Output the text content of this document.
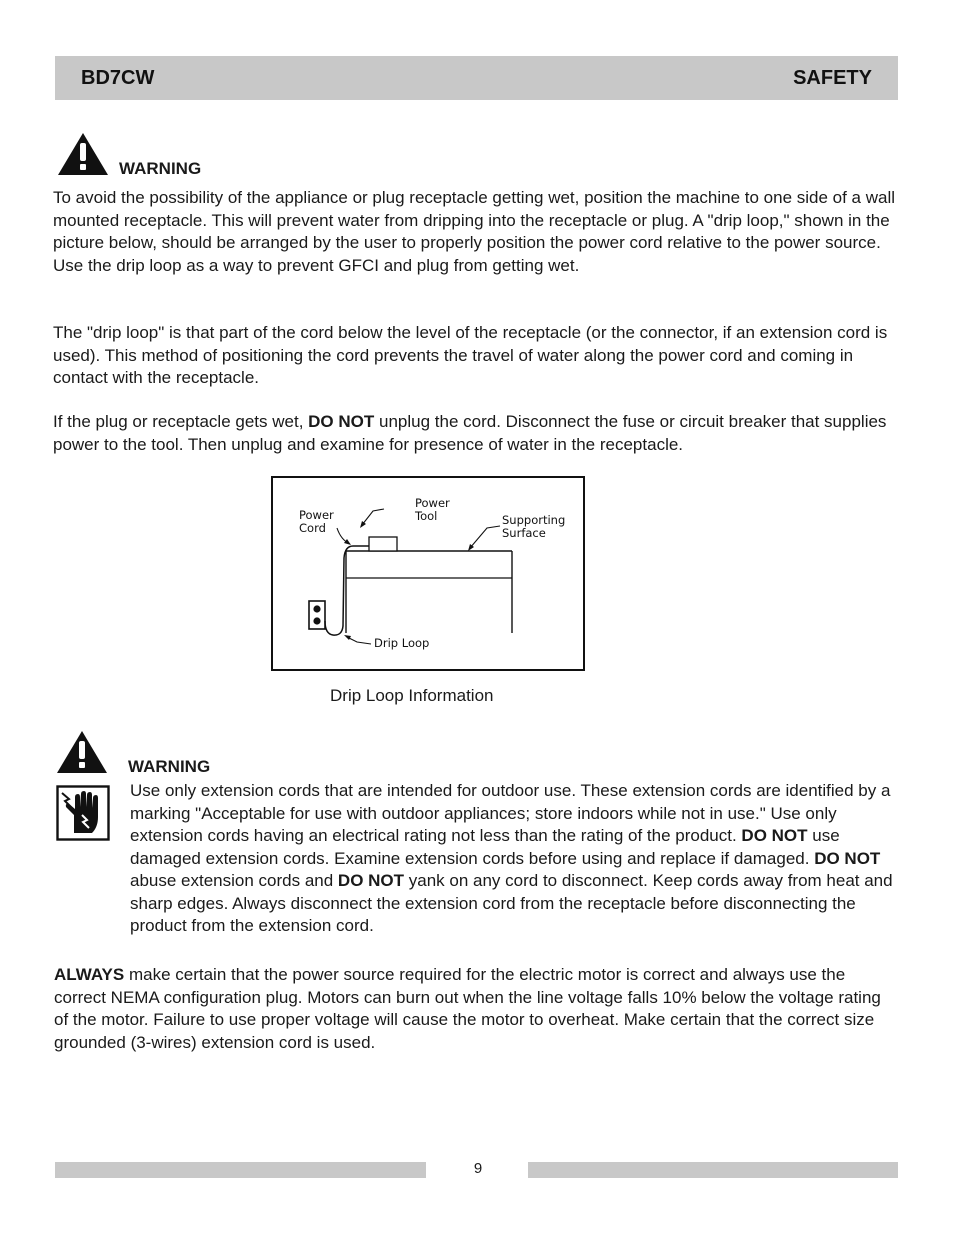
BD7CW	SAFETY
WARNING

To avoid the possibility of the appliance or plug receptacle getting wet, position the machine to one side of a wall mounted receptacle. This will prevent water from dripping into the receptacle or plug. A "drip loop," shown in the picture below, should be arranged by the user to properly position the power cord relative to the power source. Use the drip loop as a way to prevent GFCI and plug from getting wet.

The "drip loop" is that part of the cord below the level of the receptacle (or the connector, if an extension cord is used). This method of positioning the cord prevents the travel of water along the power cord and coming in contact with the receptacle.

If the plug or receptacle gets wet, DO NOT unplug the cord. Disconnect the fuse or circuit breaker that supplies power to the tool. Then unplug and examine for presence of water in the receptacle.

Power
Cord
Power
Tool	Supporting
Surface
Drip Loop
Drip Loop Information
WARNING

Use only extension cords that are intended for outdoor use. These extension cords are identified by a marking "Acceptable for use with outdoor appliances; store indoors while not in use." Use only extension cords having an electrical rating not less than the rating of the product. DO NOT use damaged extension cords. Examine extension cords before using and replace if damaged. DO NOT abuse extension cords and DO NOT yank on any cord to disconnect. Keep cords away from heat and sharp edges. Always disconnect the extension cord from the receptacle before disconnecting the product from the extension cord.

ALWAYS make certain that the power source required for the electric motor is correct and always use the correct NEMA configuration plug. Motors can burn out when the line voltage falls 10% below the voltage rating of the motor. Failure to use proper voltage will cause the motor to overheat. Make certain that the correct size grounded (3-wires) extension cord is used.

9
